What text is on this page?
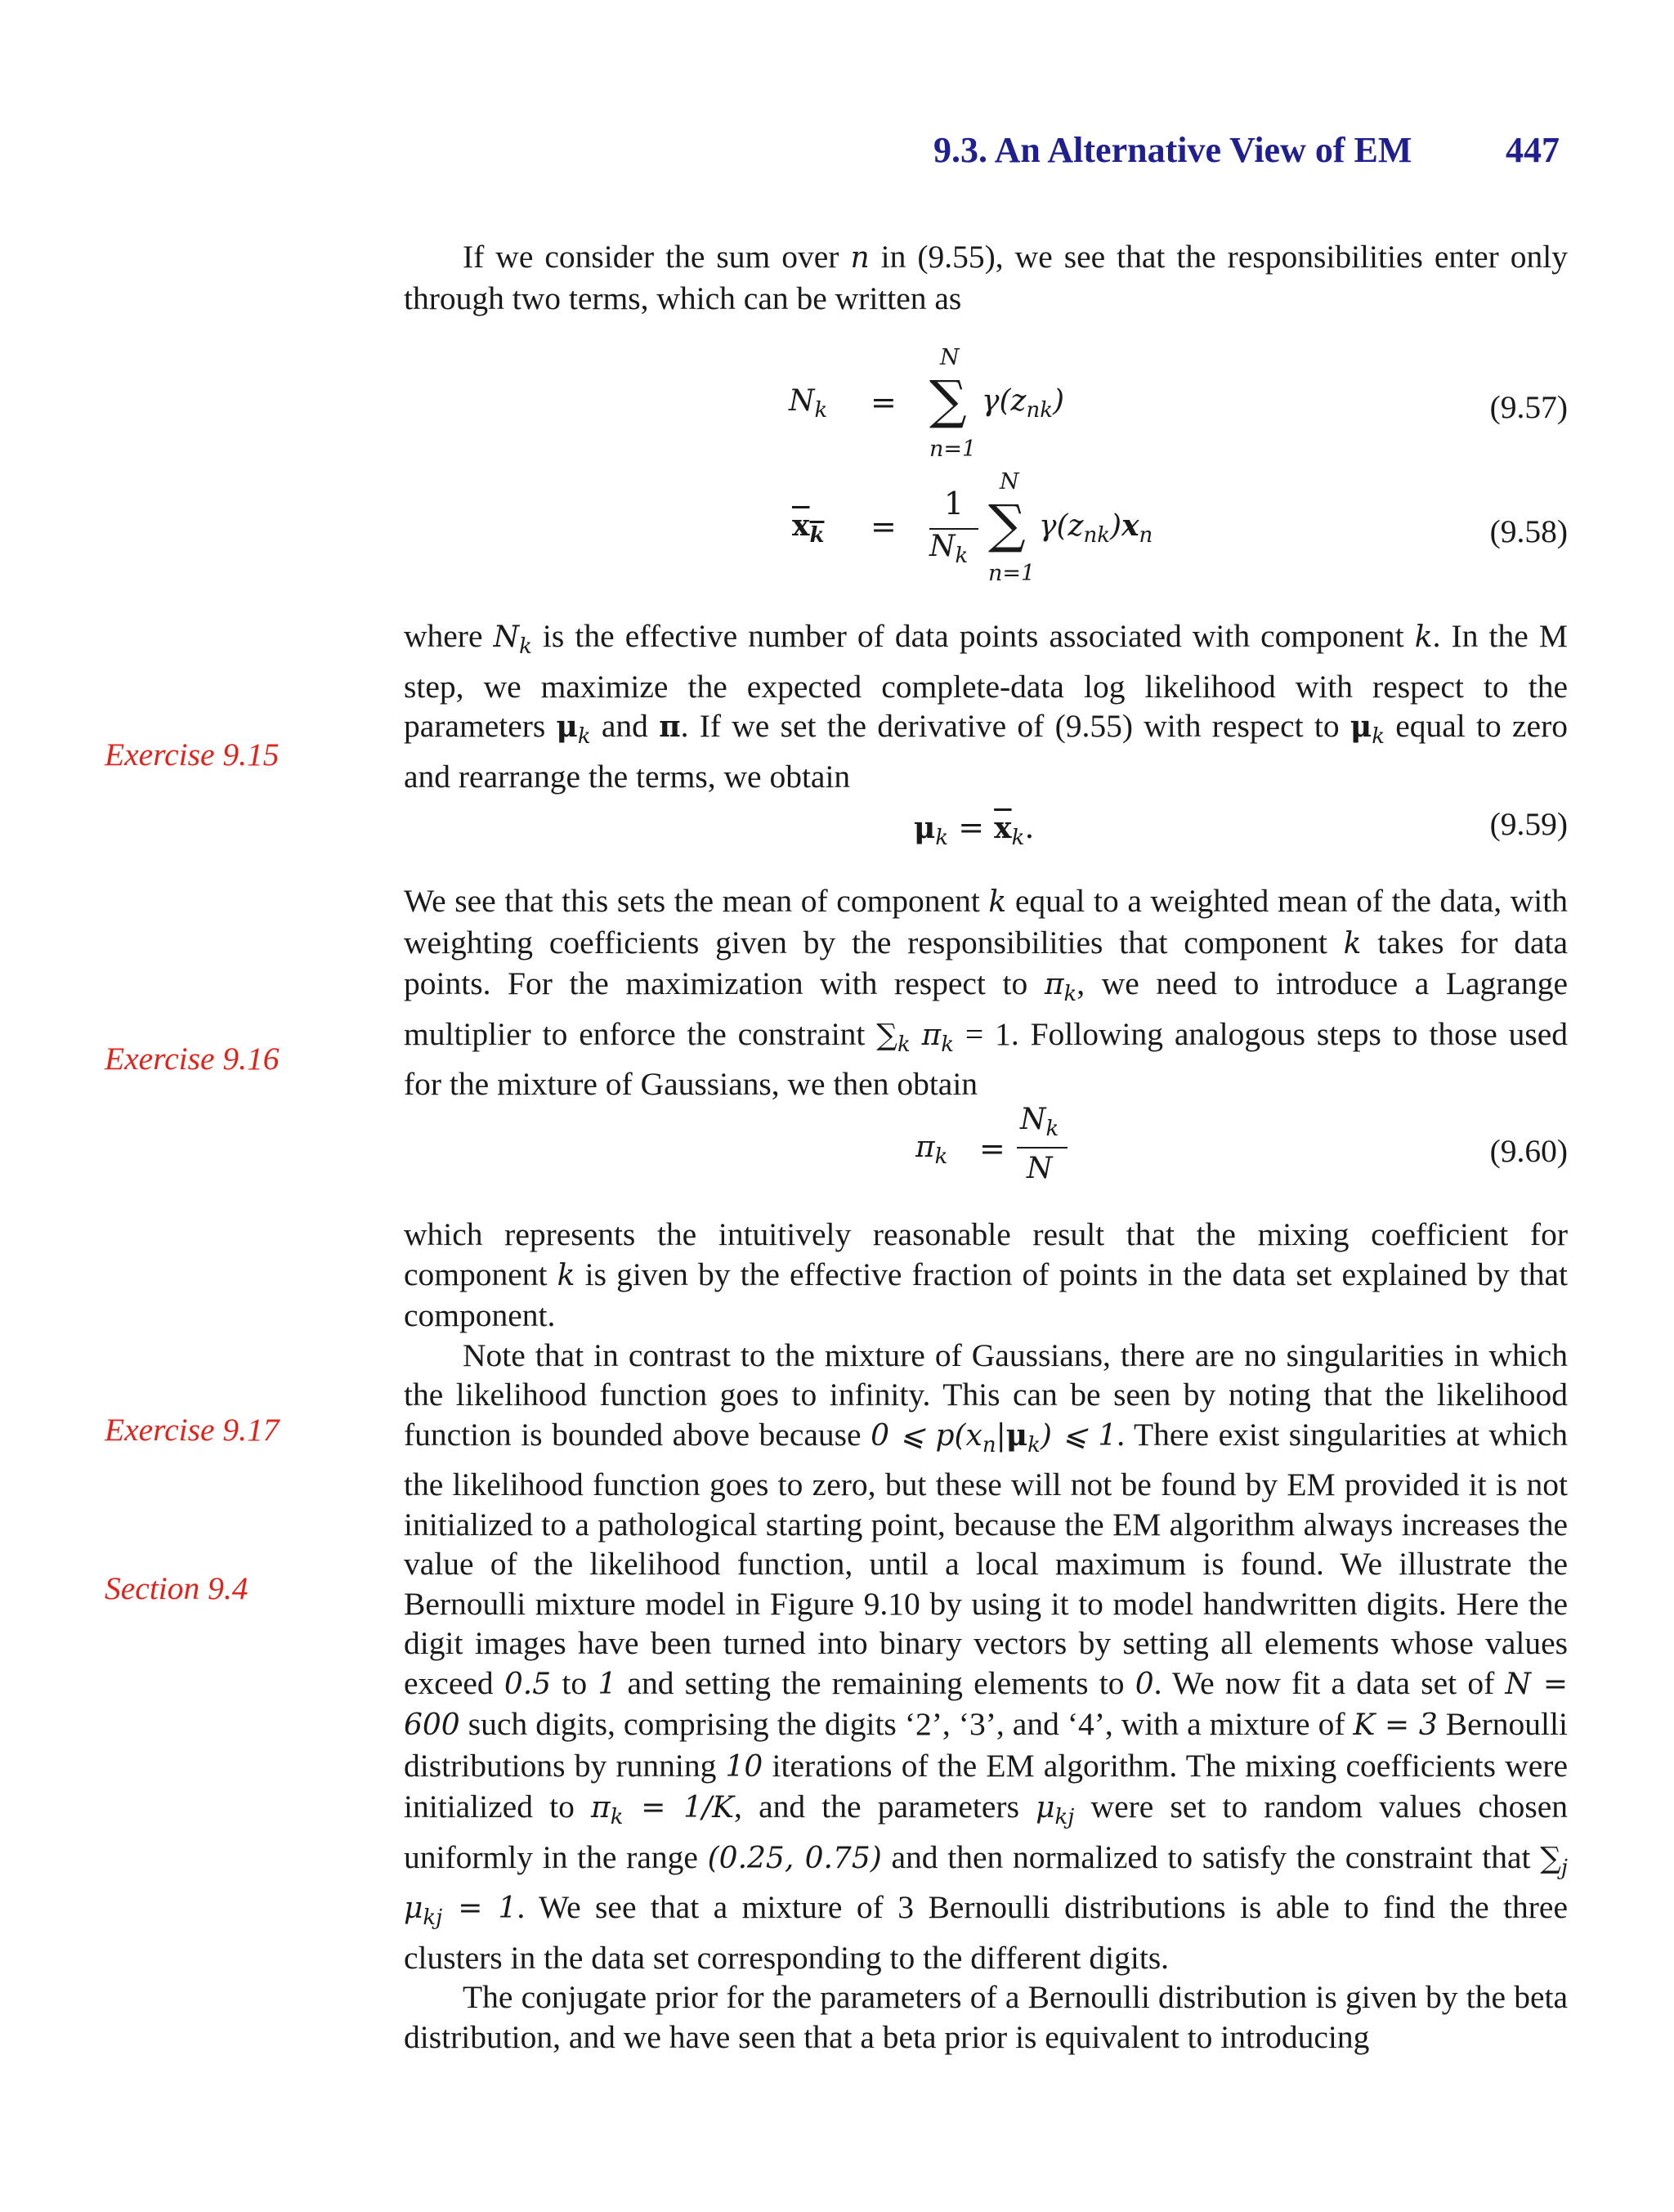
9.3. An Alternative View of EM	447

If we consider the sum over n in (9.55), we see that the responsibilities enter only through two terms, which can be written as

$N_k$ =
N
∑
n=1
$\gamma(z_{nk})$	(9.57)
$x_k$ =
1
$N_k$
N
∑
n=1
$\gamma(z_{nk})x_n$	(9.58)

where $N_k$ is the effective number of data points associated with component k. In the M step, we maximize the expected complete-data log likelihood with respect to the parameters $\mu_k$ and π. If we set the derivative of (9.55) with respect to $\mu_k$ equal to zero and rearrange the terms, we obtain

Exercise 9.15
$\mu_k = \overline{x}_k$.	(9.59)

We see that this sets the mean of component k equal to a weighted mean of the data, with weighting coefficients given by the responsibilities that component k takes for data points. For the maximization with respect to $\pi_k$, we need to introduce a Lagrange multiplier to enforce the constraint $\sum_k$ $\pi_k = 1$. Following analogous steps to those used for the mixture of Gaussians, we then obtain

Exercise 9.16
$\pi_k$ =
$N_k$
N	(9.60)

which represents the intuitively reasonable result that the mixing coefficient for component k is given by the effective fraction of points in the data set explained by that component.

Note that in contrast to the mixture of Gaussians, there are no singularities in which the likelihood function goes to infinity. This can be seen by noting that the likelihood function is bounded above because 0 ⩽ $p(x_n|\mu_k)$ ⩽ 1. There exist singularities at which the likelihood function goes to zero, but these will not be found by EM provided it is not initialized to a pathological starting point, because the EM algorithm always increases the value of the likelihood function, until a local maximum is found. We illustrate the Bernoulli mixture model in Figure 9.10 by using it to model handwritten digits. Here the digit images have been turned into binary vectors by setting all elements whose values exceed 0.5 to 1 and setting the remaining elements to 0. We now fit a data set of N = 600 such digits, comprising the digits ‘2’, ‘3’, and ‘4’, with a mixture of K = 3 Bernoulli distributions by running 10 iterations of the EM algorithm. The mixing coefficients were initialized to $\pi_k = 1/K$, and the parameters $\mu_{kj}$ were set to random values chosen uniformly in the range (0.25, 0.75) and then normalized to satisfy the constraint that $\sum_j$ $\mu_{kj} = 1$. We see that a mixture of 3 Bernoulli distributions is able to find the three clusters in the data set corresponding to the different digits.

The conjugate prior for the parameters of a Bernoulli distribution is given by the beta distribution, and we have seen that a beta prior is equivalent to introducing

Exercise 9.17
Section 9.4
